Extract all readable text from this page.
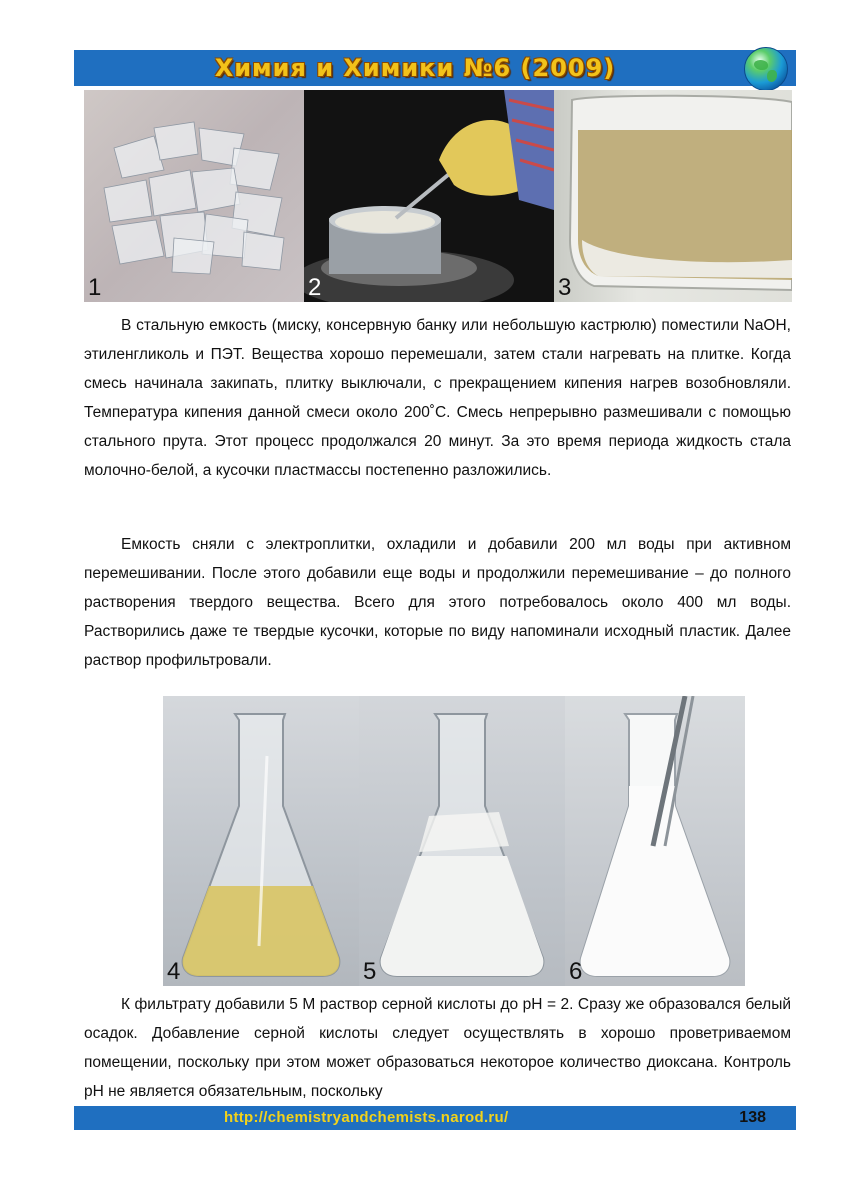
Химия и Химики №6 (2009)
1	2	3

В стальную емкость (миску, консервную банку или небольшую кастрюлю) поместили NaOH, этиленгликоль и ПЭТ. Вещества хорошо перемешали, затем стали нагревать на плитке. Когда смесь начинала закипать, плитку выключали, с прекращением кипения нагрев возобновляли. Температура кипения данной смеси около 200˚С. Смесь непрерывно размешивали с помощью стального прута. Этот процесс продолжался 20 минут. За это время периода жидкость стала молочно-белой, а кусочки пластмассы постепенно разложились.

Емкость сняли с электроплитки, охладили и добавили 200 мл воды при активном перемешивании. После этого добавили еще воды и продолжили перемешивание – до полного растворения твердого вещества. Всего для этого потребовалось около 400 мл воды. Растворились даже те твердые кусочки, которые по виду напоминали исходный пластик. Далее раствор профильтровали.

4	5	6

К фильтрату добавили 5 М раствор серной кислоты до pH = 2. Сразу же образовался белый осадок. Добавление серной кислоты следует осуществлять в хорошо проветриваемом помещении, поскольку при этом может образоваться некоторое количество диоксана. Контроль pH не является обязательным, поскольку

http://chemistryandchemists.narod.ru/	138
